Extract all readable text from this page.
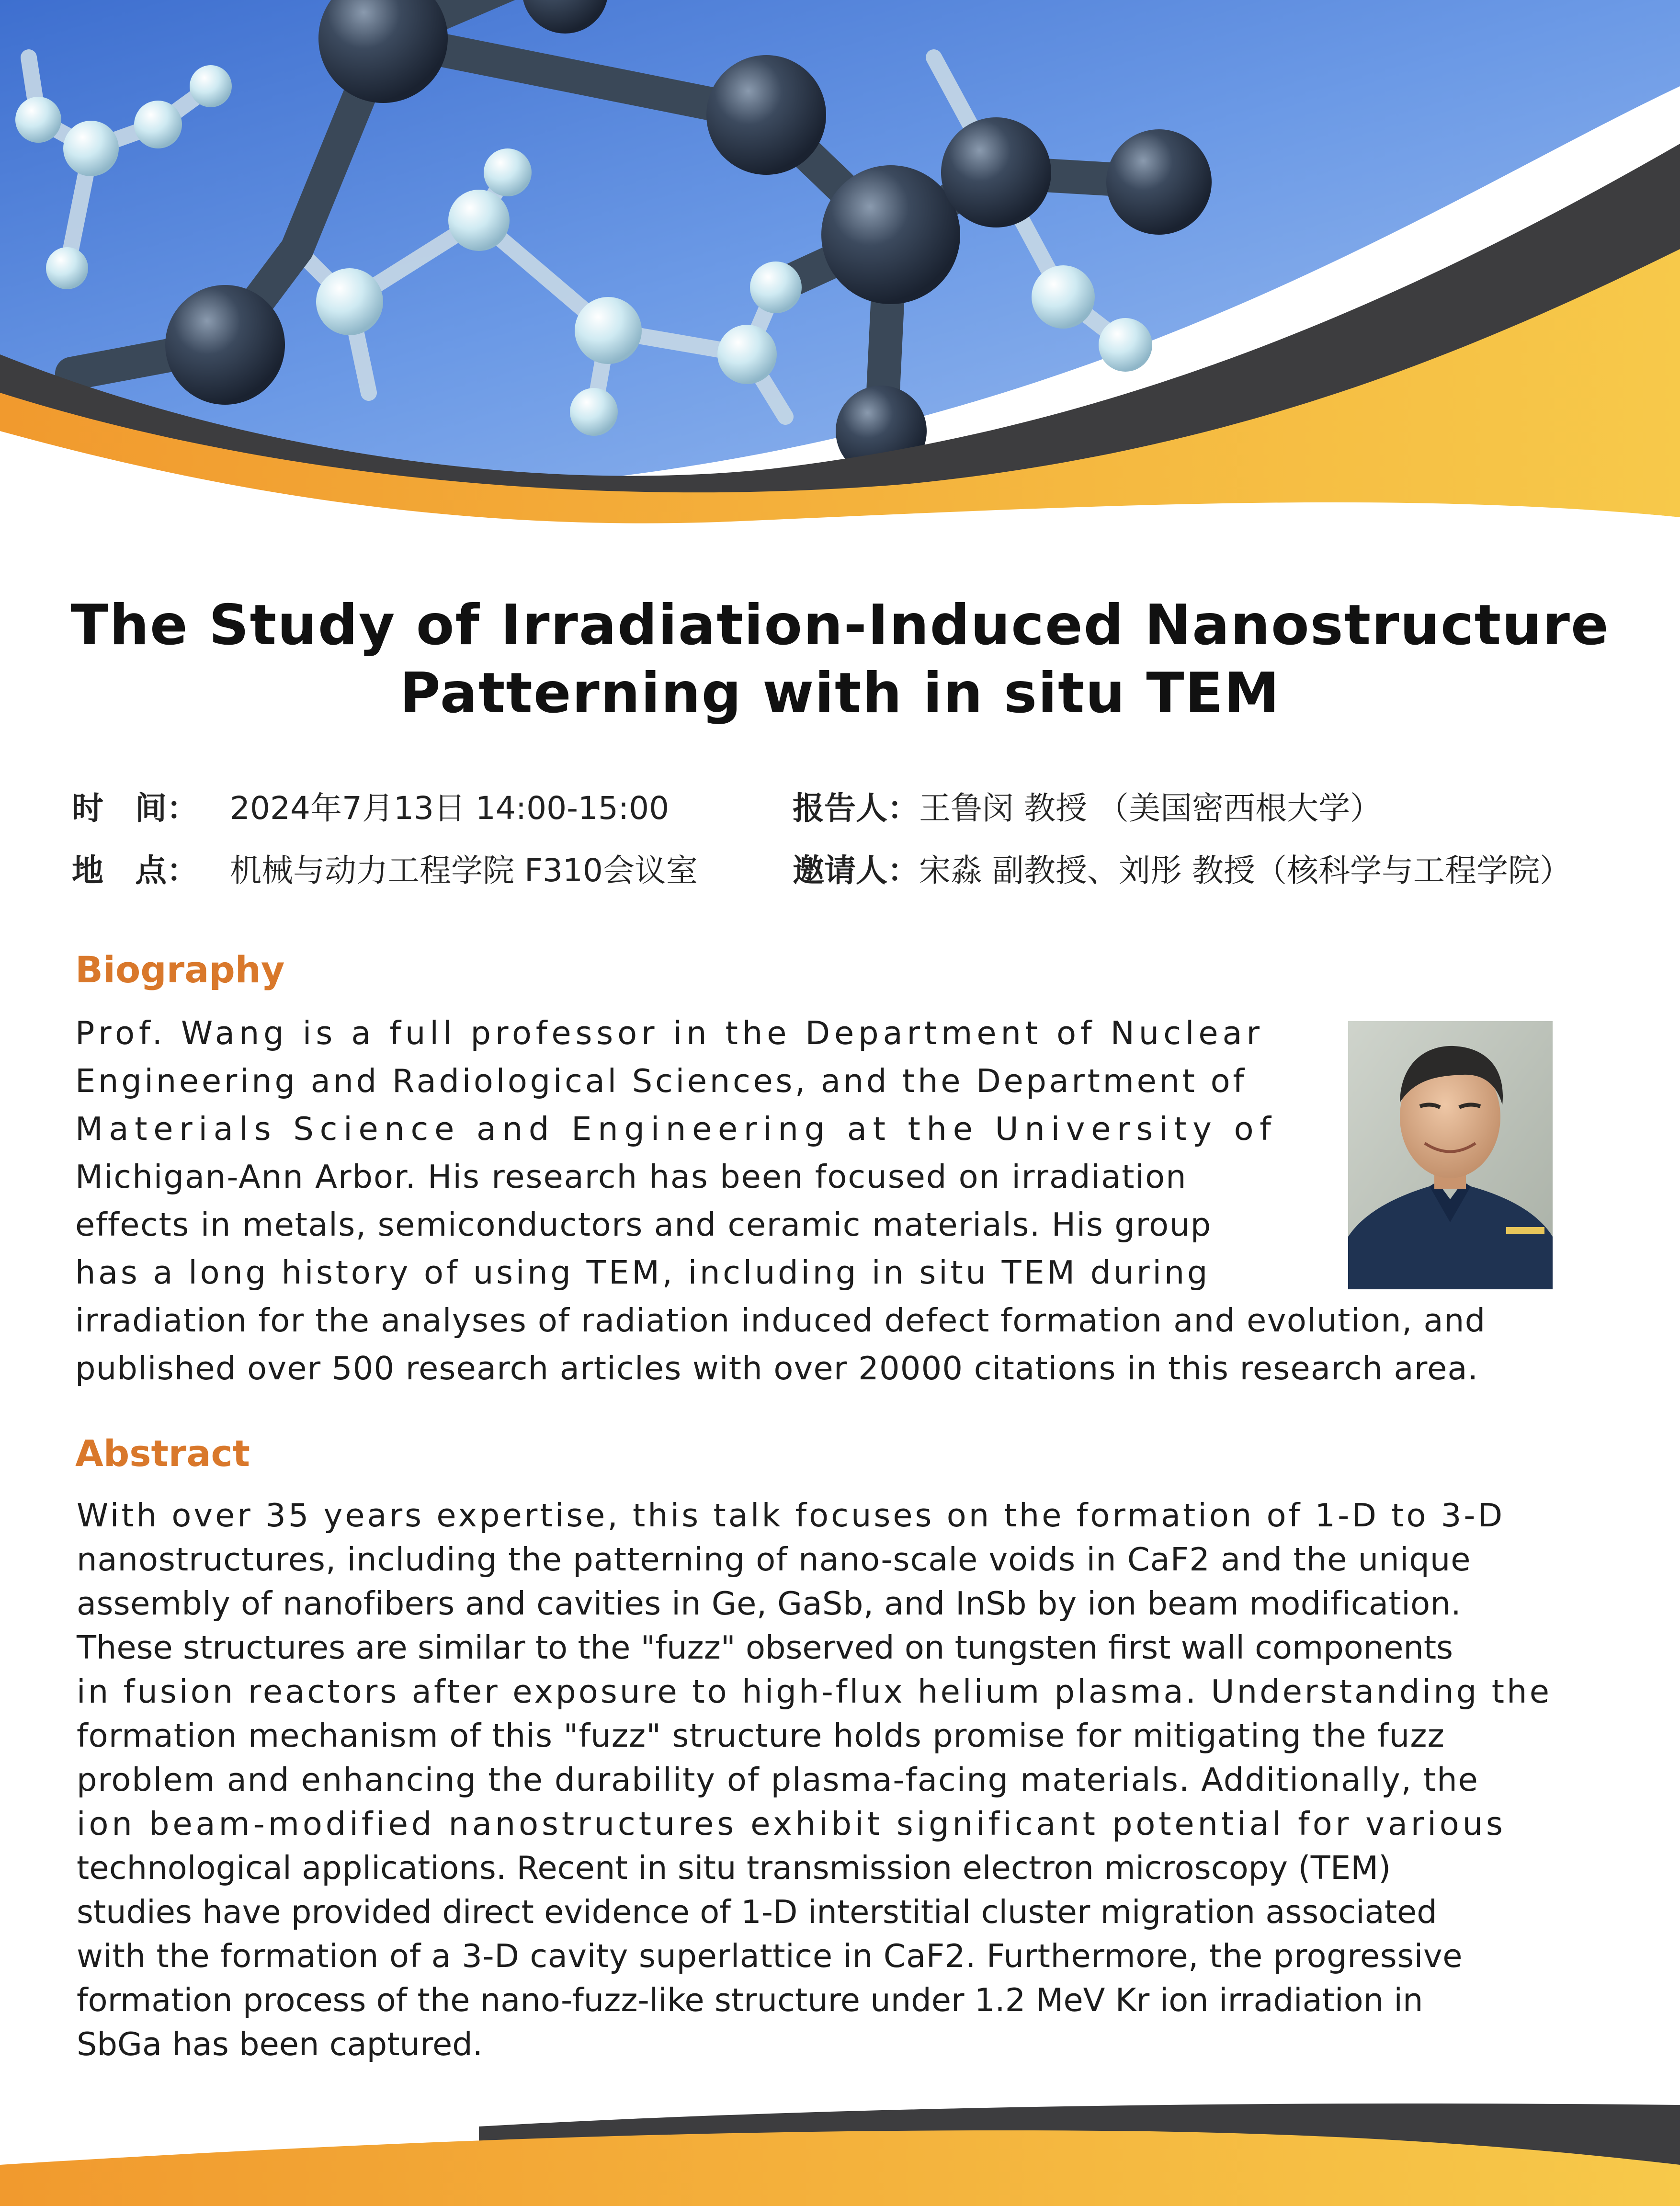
The Study of Irradiation-Induced Nanostructure
Patterning with in situ TEM
时　间： 2024年7月13日 14:00-15:00
地　点： 机械与动力工程学院 F310会议室
报告人：王鲁闵 教授 （美国密西根大学）
邀请人：宋淼 副教授、刘彤 教授（核科学与工程学院）
Biography
Prof. Wang is a full professor in the Department of Nuclear
Engineering and Radiological Sciences, and the Department of
Materials Science and Engineering at the University of
Michigan-Ann Arbor. His research has been focused on irradiation
effects in metals, semiconductors and ceramic materials. His group
has a long history of using TEM, including in situ TEM during
irradiation for the analyses of radiation induced defect formation and evolution, and
published over 500 research articles with over 20000 citations in this research area.
Abstract
With over 35 years expertise, this talk focuses on the formation of 1-D to 3-D
nanostructures, including the patterning of nano-scale voids in CaF2 and the unique
assembly of nanofibers and cavities in Ge, GaSb, and InSb by ion beam modification.
These structures are similar to the "fuzz" observed on tungsten first wall components
in fusion reactors after exposure to high-flux helium plasma. Understanding the
formation mechanism of this "fuzz" structure holds promise for mitigating the fuzz
problem and enhancing the durability of plasma-facing materials. Additionally, the
ion beam-modified nanostructures exhibit significant potential for various
technological applications. Recent in situ transmission electron microscopy (TEM)
studies have provided direct evidence of 1-D interstitial cluster migration associated
with the formation of a 3-D cavity superlattice in CaF2. Furthermore, the progressive
formation process of the nano-fuzz-like structure under 1.2 MeV Kr ion irradiation in
SbGa has been captured.
